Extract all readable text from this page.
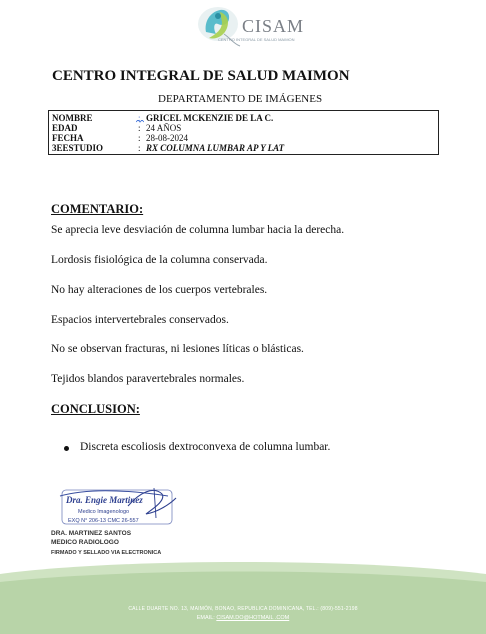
CISAM
CENTRO INTEGRAL DE SALUD MAIMON
CENTRO INTEGRAL DE SALUD MAIMON
DEPARTAMENTO DE IMÁGENES
NOMBRE	: GRICEL MCKENZIE DE LA C.
EDAD	: 24 AÑOS
FECHA	: 28-08-2024
3EESTUDIO	: RX COLUMNA LUMBAR AP Y LAT
COMENTARIO:
Se aprecia leve desviación de columna lumbar hacia la derecha.
Lordosis fisiológica de la columna conservada.
No hay alteraciones de los cuerpos vertebrales.
Espacios intervertebrales conservados.
No se observan fracturas, ni lesiones líticas o blásticas.
Tejidos blandos paravertebrales normales.
CONCLUSION:
Discreta escoliosis dextroconvexa de columna lumbar.
Dra. Engie Martinez
Medico Imagenologo
EXQ N° 206-13 CMC 26-557
DRA. MARTINEZ SANTOS
MEDICO RADIOLOGO
FIRMADO Y SELLADO VIA ELECTRONICA
CALLE DUARTE NO. 13, MAIMÓN, BONAO, REPUBLICA DOMINICANA, TEL.: (809)-551-2198
EMAIL: CISAM.DO@HOTMAIL .COM
